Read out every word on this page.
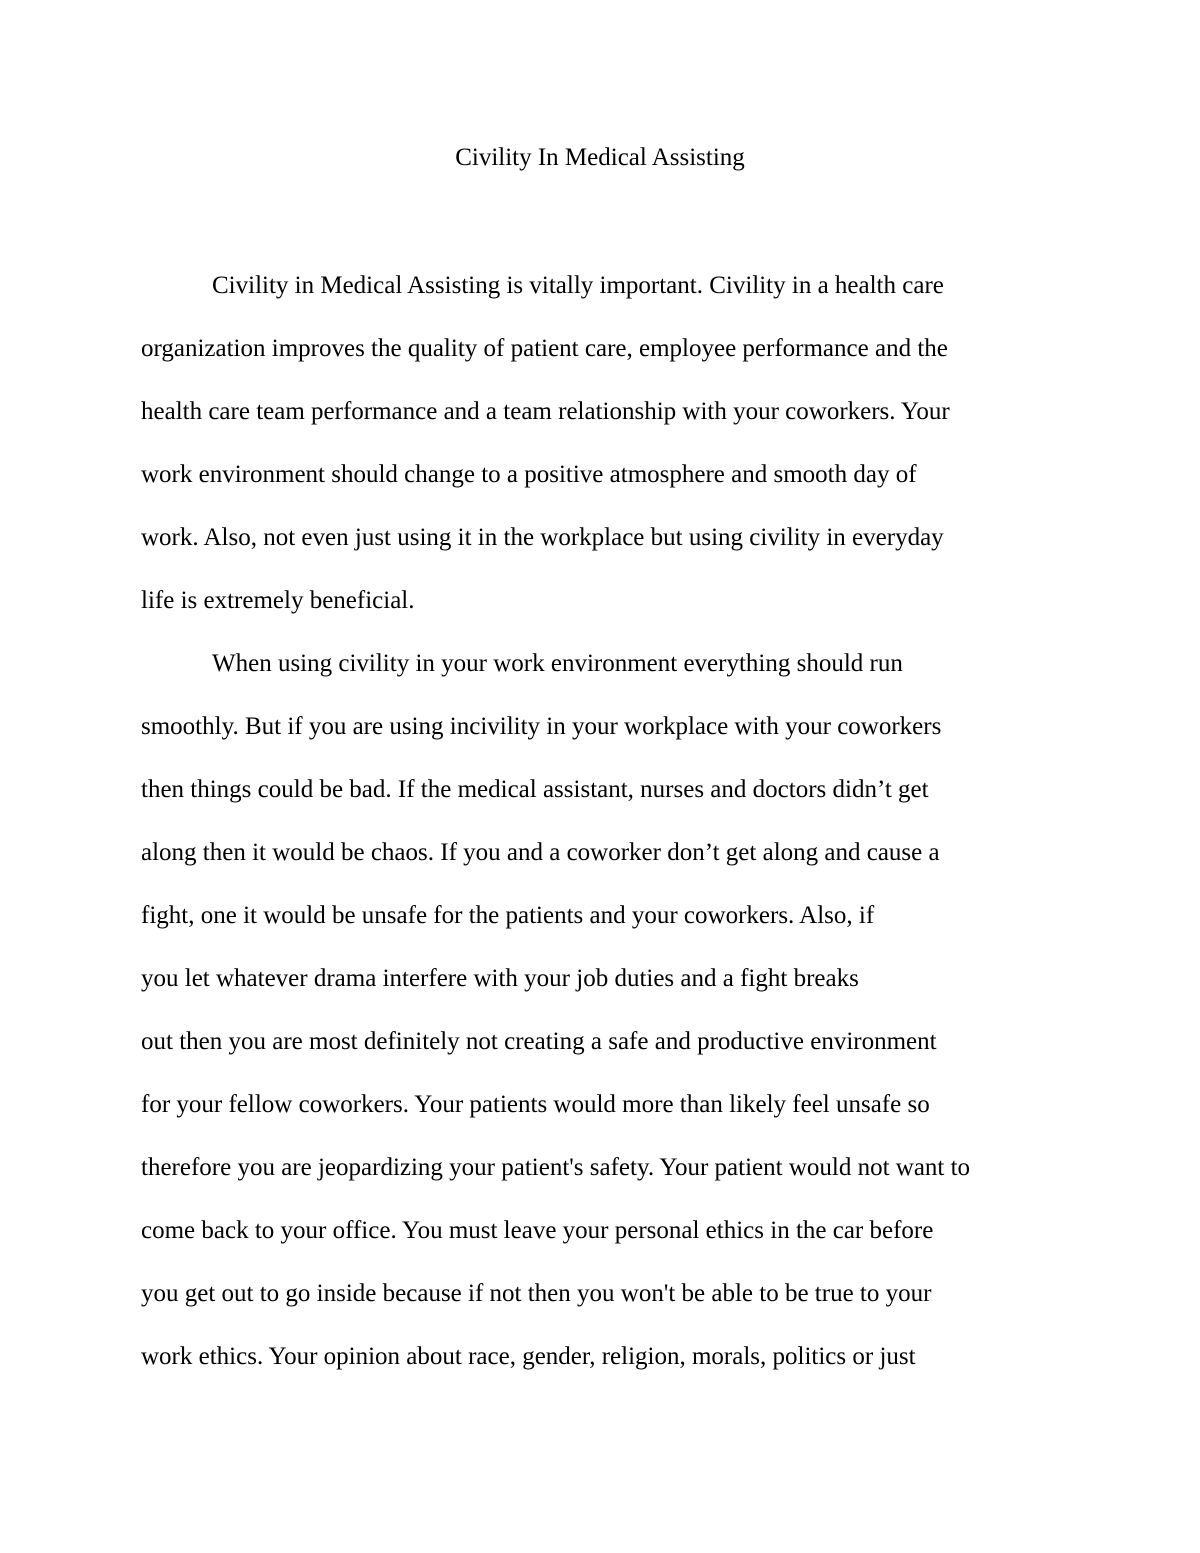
Civility In Medical Assisting
Civility in Medical Assisting is vitally important. Civility in a health care
organization improves the quality of patient care, employee performance and the
health care team performance and a team relationship with your coworkers. Your
work environment should change to a positive atmosphere and smooth day of
work. Also, not even just using it in the workplace but using civility in everyday
life is extremely beneficial.
When using civility in your work environment everything should run
smoothly. But if you are using incivility in your workplace with your coworkers
then things could be bad. If the medical assistant, nurses and doctors didn’t get
along then it would be chaos. If you and a coworker don’t get along and cause a
fight, one it would be unsafe for the patients and your coworkers. Also, if
you let whatever drama interfere with your job duties and a fight breaks
out then you are most definitely not creating a safe and productive environment
for your fellow coworkers. Your patients would more than likely feel unsafe so
therefore you are jeopardizing your patient's safety. Your patient would not want to
come back to your office. You must leave your personal ethics in the car before
you get out to go inside because if not then you won't be able to be true to your
work ethics. Your opinion about race, gender, religion, morals, politics or just
